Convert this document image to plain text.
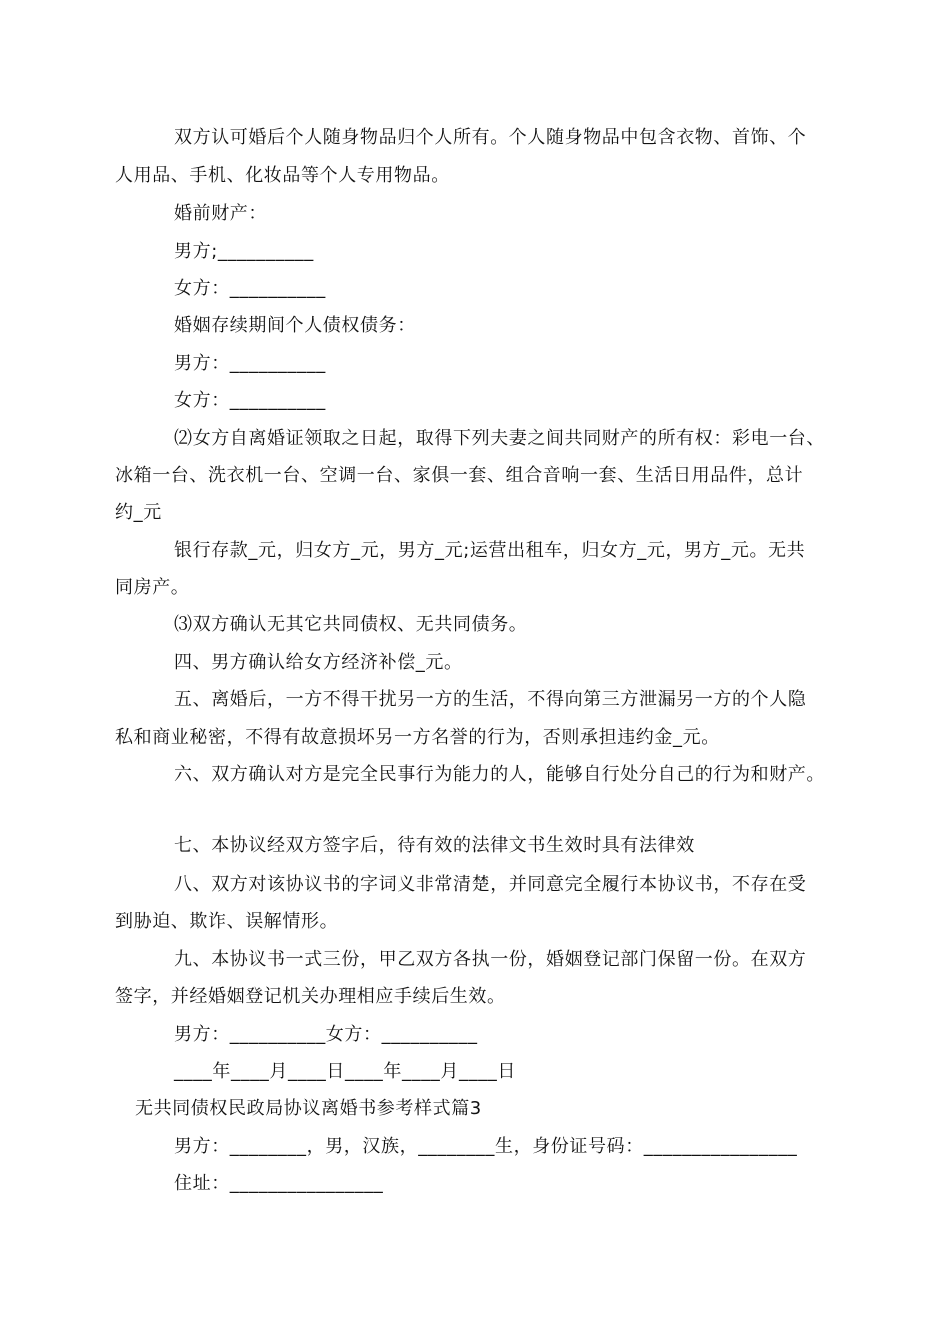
双方认可婚后个人随身物品归个人所有。个人随身物品中包含衣物、首饰、个
人用品、手机、化妆品等个人专用物品。
婚前财产：
男方;__________
女方：__________
婚姻存续期间个人债权债务：
男方：__________
女方：__________
⑵女方自离婚证领取之日起，取得下列夫妻之间共同财产的所有权：彩电一台、
冰箱一台、洗衣机一台、空调一台、家俱一套、组合音响一套、生活日用品件，总计
约_元
银行存款_元，归女方_元，男方_元;运营出租车，归女方_元，男方_元。无共
同房产。
⑶双方确认无其它共同债权、无共同债务。
四、男方确认给女方经济补偿_元。
五、离婚后，一方不得干扰另一方的生活，不得向第三方泄漏另一方的个人隐
私和商业秘密，不得有故意损坏另一方名誉的行为，否则承担违约金_元。
六、双方确认对方是完全民事行为能力的人，能够自行处分自己的行为和财产。
七、本协议经双方签字后，待有效的法律文书生效时具有法律效
八、双方对该协议书的字词义非常清楚，并同意完全履行本协议书，不存在受
到胁迫、欺诈、误解情形。
九、本协议书一式三份，甲乙双方各执一份，婚姻登记部门保留一份。在双方
签字，并经婚姻登记机关办理相应手续后生效。
男方：__________女方：__________
____年____月____日____年____月____日
无共同债权民政局协议离婚书参考样式篇3
男方：________，男，汉族，________生，身份证号码：________________
住址：________________
